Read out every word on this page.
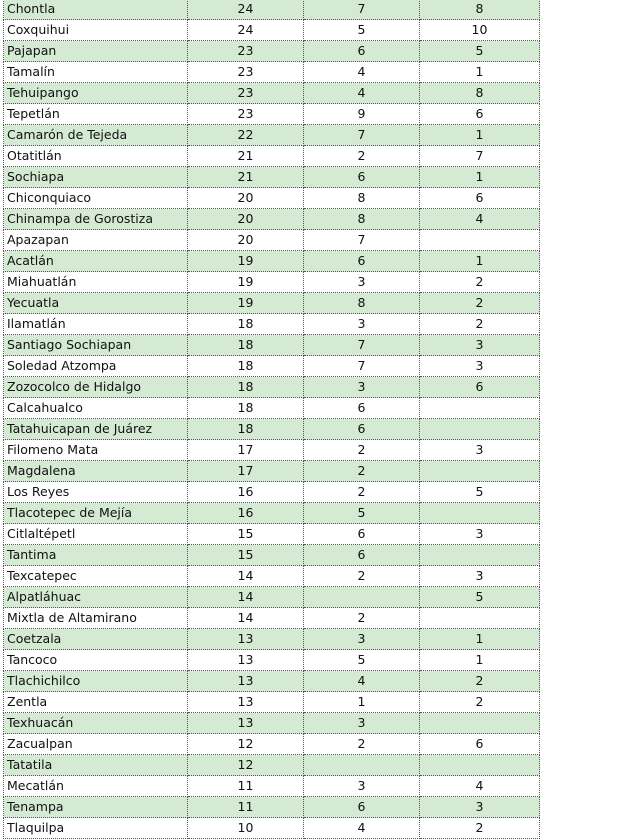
Chontla	24	7	8
Coxquihui	24	5	10
Pajapan	23	6	5
Tamalín	23	4	1
Tehuipango	23	4	8
Tepetlán	23	9	6
Camarón de Tejeda	22	7	1
Otatitlán	21	2	7
Sochiapa	21	6	1
Chiconquiaco	20	8	6
Chinampa de Gorostiza	20	8	4
Apazapan	20	7	
Acatlán	19	6	1
Miahuatlán	19	3	2
Yecuatla	19	8	2
Ilamatlán	18	3	2
Santiago Sochiapan	18	7	3
Soledad Atzompa	18	7	3
Zozocolco de Hidalgo	18	3	6
Calcahualco	18	6	
Tatahuicapan de Juárez	18	6	
Filomeno Mata	17	2	3
Magdalena	17	2	
Los Reyes	16	2	5
Tlacotepec de Mejía	16	5	
Citlaltépetl	15	6	3
Tantima	15	6	
Texcatepec	14	2	3
Alpatláhuac	14		5
Mixtla de Altamirano	14	2	
Coetzala	13	3	1
Tancoco	13	5	1
Tlachichilco	13	4	2
Zentla	13	1	2
Texhuacán	13	3	
Zacualpan	12	2	6
Tatatila	12		
Mecatlán	11	3	4
Tenampa	11	6	3
Tlaquilpa	10	4	2
